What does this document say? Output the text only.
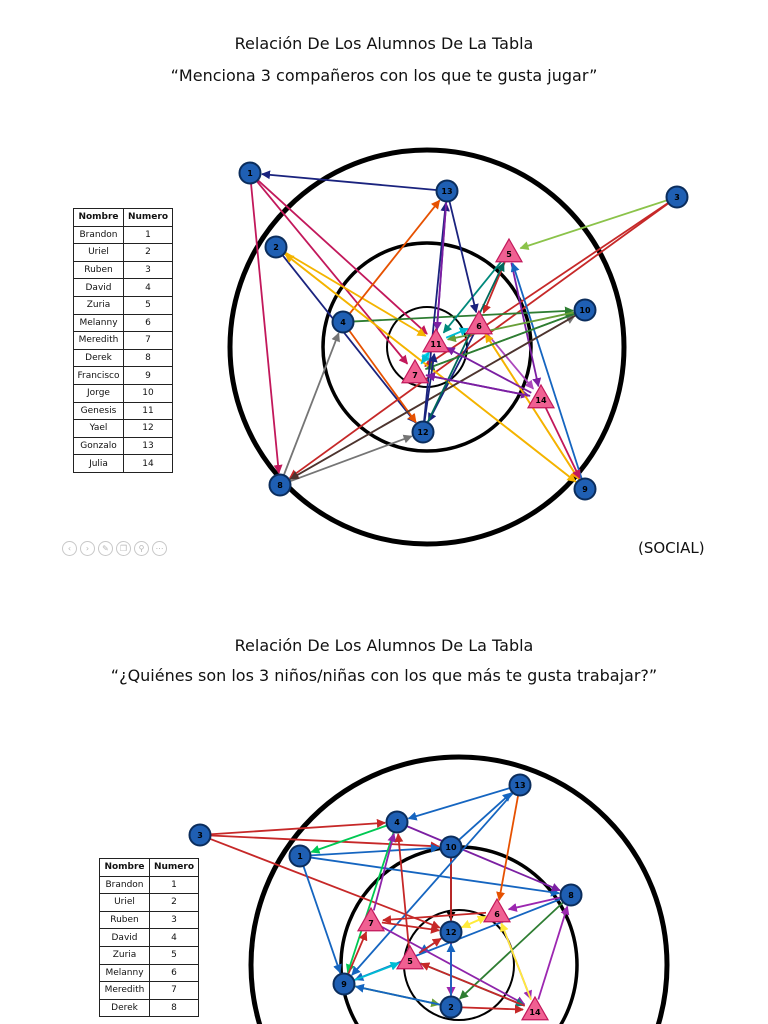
Relación De Los Alumnos De La Tabla
“Menciona 3 compañeros con los que te gusta jugar”
Nombre	Numero
Brandon	1
Uriel	2
Ruben	3
David	4
Zuria	5
Melanny	6
Meredith	7
Derek	8
Francisco	9
Jorge	10
Genesis	11
Yael	12
Gonzalo	13
Julia	14
1
2
3
4
5
6
7
8	9
10
11
12
13
14
‹	›	✎	❐	⚲	⋯	(SOCIAL)
Relación De Los Alumnos De La Tabla
“¿Quiénes son los 3 niños/niñas con los que más te gusta trabajar?”
1
2
3
4
5
6
7
8
9
10
12
13
14
Nombre	Numero
Brandon	1
Uriel	2
Ruben	3
David	4
Zuria	5
Melanny	6
Meredith	7
Derek	8
